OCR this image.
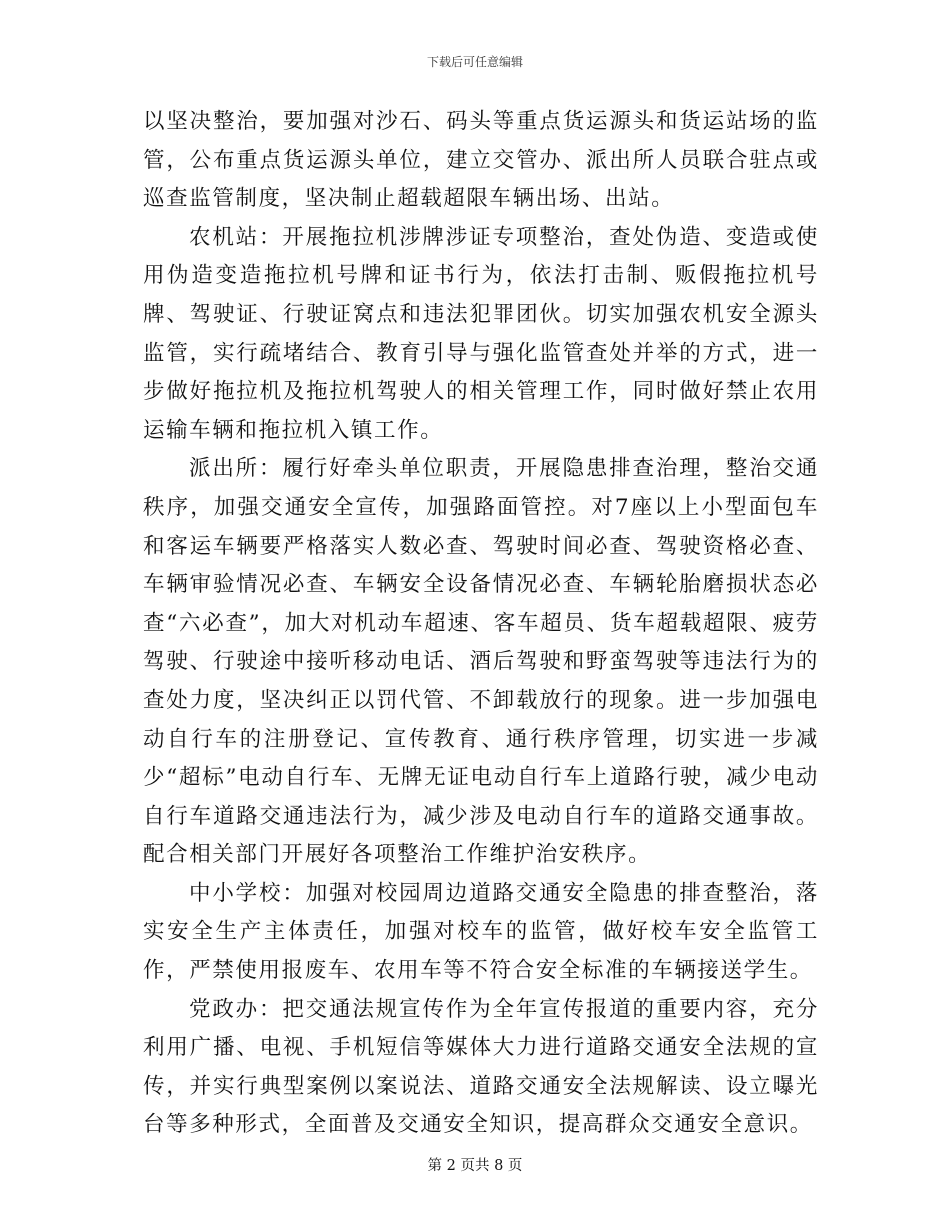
下载后可任意编辑

以坚决整治，要加强对沙石、码头等重点货运源头和货运站场的监管，公布重点货运源头单位，建立交管办、派出所人员联合驻点或巡查监管制度，坚决制止超载超限车辆出场、出站。

农机站：开展拖拉机涉牌涉证专项整治，查处伪造、变造或使用伪造变造拖拉机号牌和证书行为，依法打击制、贩假拖拉机号牌、驾驶证、行驶证窝点和违法犯罪团伙。切实加强农机安全源头监管，实行疏堵结合、教育引导与强化监管查处并举的方式，进一步做好拖拉机及拖拉机驾驶人的相关管理工作，同时做好禁止农用运输车辆和拖拉机入镇工作。

派出所：履行好牵头单位职责，开展隐患排查治理，整治交通秩序，加强交通安全宣传，加强路面管控。对7座以上小型面包车和客运车辆要严格落实人数必查、驾驶时间必查、驾驶资格必查、车辆审验情况必查、车辆安全设备情况必查、车辆轮胎磨损状态必查“六必查”，加大对机动车超速、客车超员、货车超载超限、疲劳驾驶、行驶途中接听移动电话、酒后驾驶和野蛮驾驶等违法行为的查处力度，坚决纠正以罚代管、不卸载放行的现象。进一步加强电动自行车的注册登记、宣传教育、通行秩序管理，切实进一步减少“超标”电动自行车、无牌无证电动自行车上道路行驶，减少电动自行车道路交通违法行为，减少涉及电动自行车的道路交通事故。配合相关部门开展好各项整治工作维护治安秩序。

中小学校：加强对校园周边道路交通安全隐患的排查整治，落实安全生产主体责任，加强对校车的监管，做好校车安全监管工作，严禁使用报废车、农用车等不符合安全标准的车辆接送学生。

党政办：把交通法规宣传作为全年宣传报道的重要内容，充分利用广播、电视、手机短信等媒体大力进行道路交通安全法规的宣传，并实行典型案例以案说法、道路交通安全法规解读、设立曝光台等多种形式，全面普及交通安全知识，提高群众交通安全意识。

第 2 页共 8 页
